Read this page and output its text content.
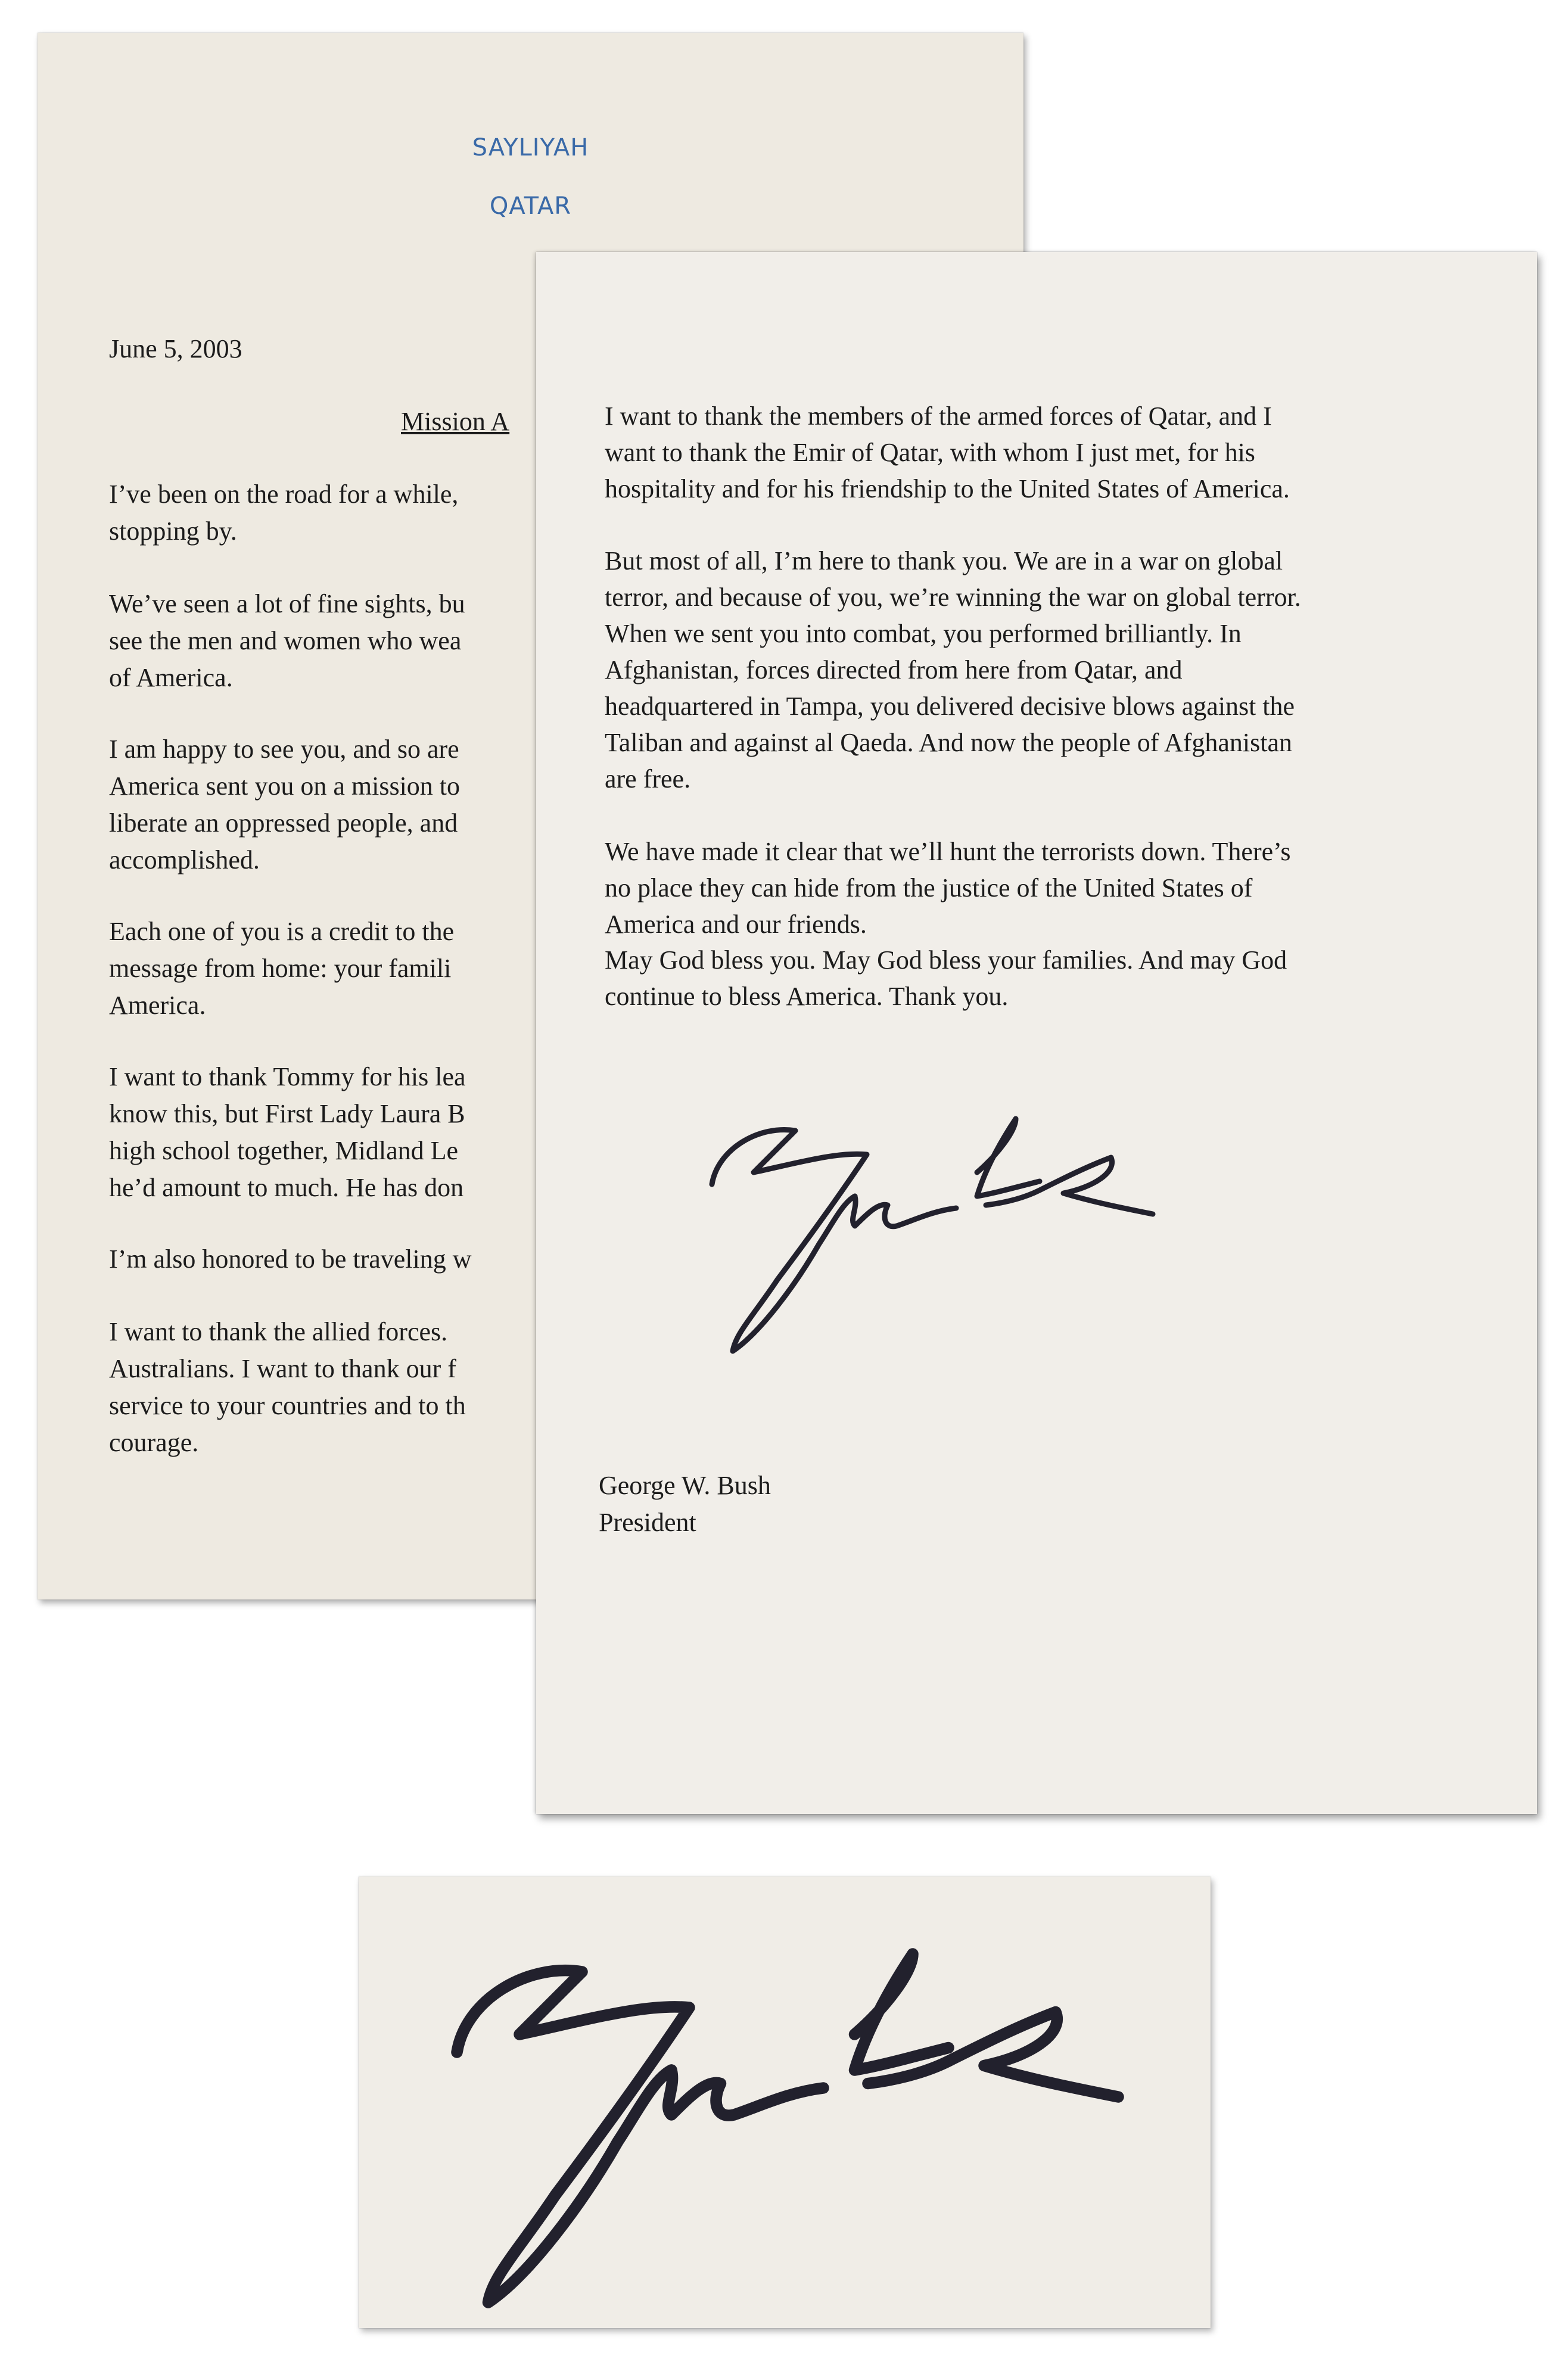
SAYLIYAH
QATAR
June 5, 2003
Mission A
I’ve been on the road for a while,
stopping by.
We’ve seen a lot of fine sights, bu
see the men and women who wea
of America.
I am happy to see you, and so are
America sent you on a mission to
liberate an oppressed people, and
accomplished.
Each one of you is a credit to the
message from home: your famili
America.
I want to thank Tommy for his lea
know this, but First Lady Laura B
high school together, Midland Le
he’d amount to much. He has don
I’m also honored to be traveling w
I want to thank the allied forces.
Australians. I want to thank our f
service to your countries and to th
courage.
I want to thank the members of the armed forces of Qatar, and I
want to thank the Emir of Qatar, with whom I just met, for his
hospitality and for his friendship to the United States of America.
But most of all, I’m here to thank you. We are in a war on global
terror, and because of you, we’re winning the war on global terror.
When we sent you into combat, you performed brilliantly. In
Afghanistan, forces directed from here from Qatar, and
headquartered in Tampa, you delivered decisive blows against the
Taliban and against al Qaeda. And now the people of Afghanistan
are free.
We have made it clear that we’ll hunt the terrorists down. There’s
no place they can hide from the justice of the United States of
America and our friends.
May God bless you. May God bless your families. And may God
continue to bless America. Thank you.
George W. Bush
President
